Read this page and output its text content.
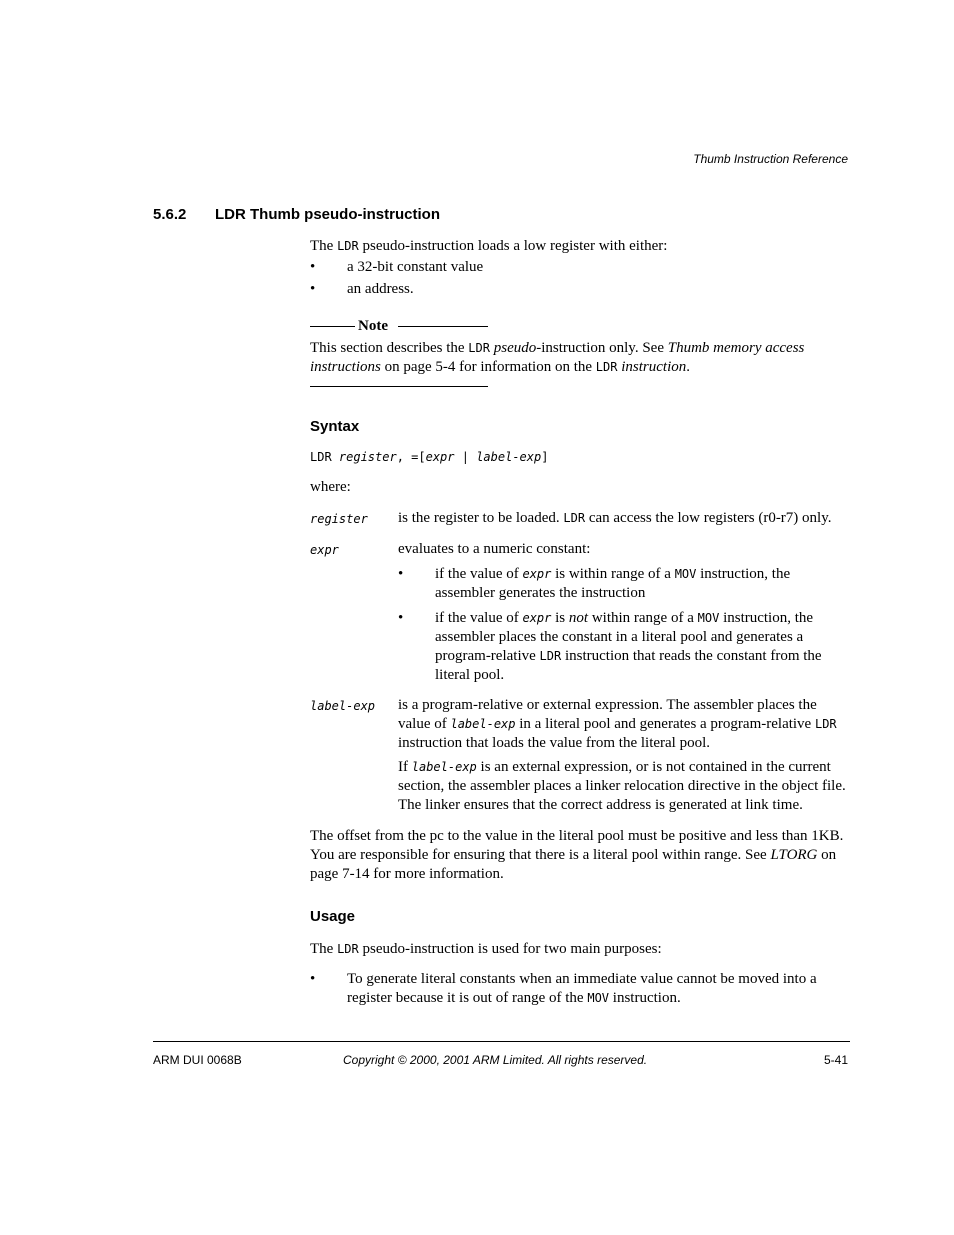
Thumb Instruction Reference
5.6.2 LDR Thumb pseudo-instruction
The LDR pseudo-instruction loads a low register with either:
• a 32-bit constant value
• an address.
Note
This section describes the LDR pseudo-instruction only. See Thumb memory access
instructions on page 5-4 for information on the LDR instruction.
Syntax
LDR register, =[expr | label-exp]
where:
register is the register to be loaded. LDR can access the low registers (r0-r7) only.
expr	evaluates to a numeric constant:
• if the value of expr is within range of a MOV instruction, the assembler generates the instruction
• if the value of expr is not within range of a MOV instruction, the assembler places the constant in a literal pool and generates a program-relative LDR instruction that reads the constant from the literal pool.
label-exp is a program-relative or external expression. The assembler places the value of label-exp in a literal pool and generates a program-relative LDR instruction that loads the value from the literal pool.
If label-exp is an external expression, or is not contained in the current section, the assembler places a linker relocation directive in the object file. The linker ensures that the correct address is generated at link time.
The offset from the pc to the value in the literal pool must be positive and less than 1KB. You are responsible for ensuring that there is a literal pool within range. See LTORG on page 7-14 for more information.
Usage
The LDR pseudo-instruction is used for two main purposes:
• To generate literal constants when an immediate value cannot be moved into a register because it is out of range of the MOV instruction.
ARM DUI 0068B	Copyright © 2000, 2001 ARM Limited. All rights reserved.	5-41
